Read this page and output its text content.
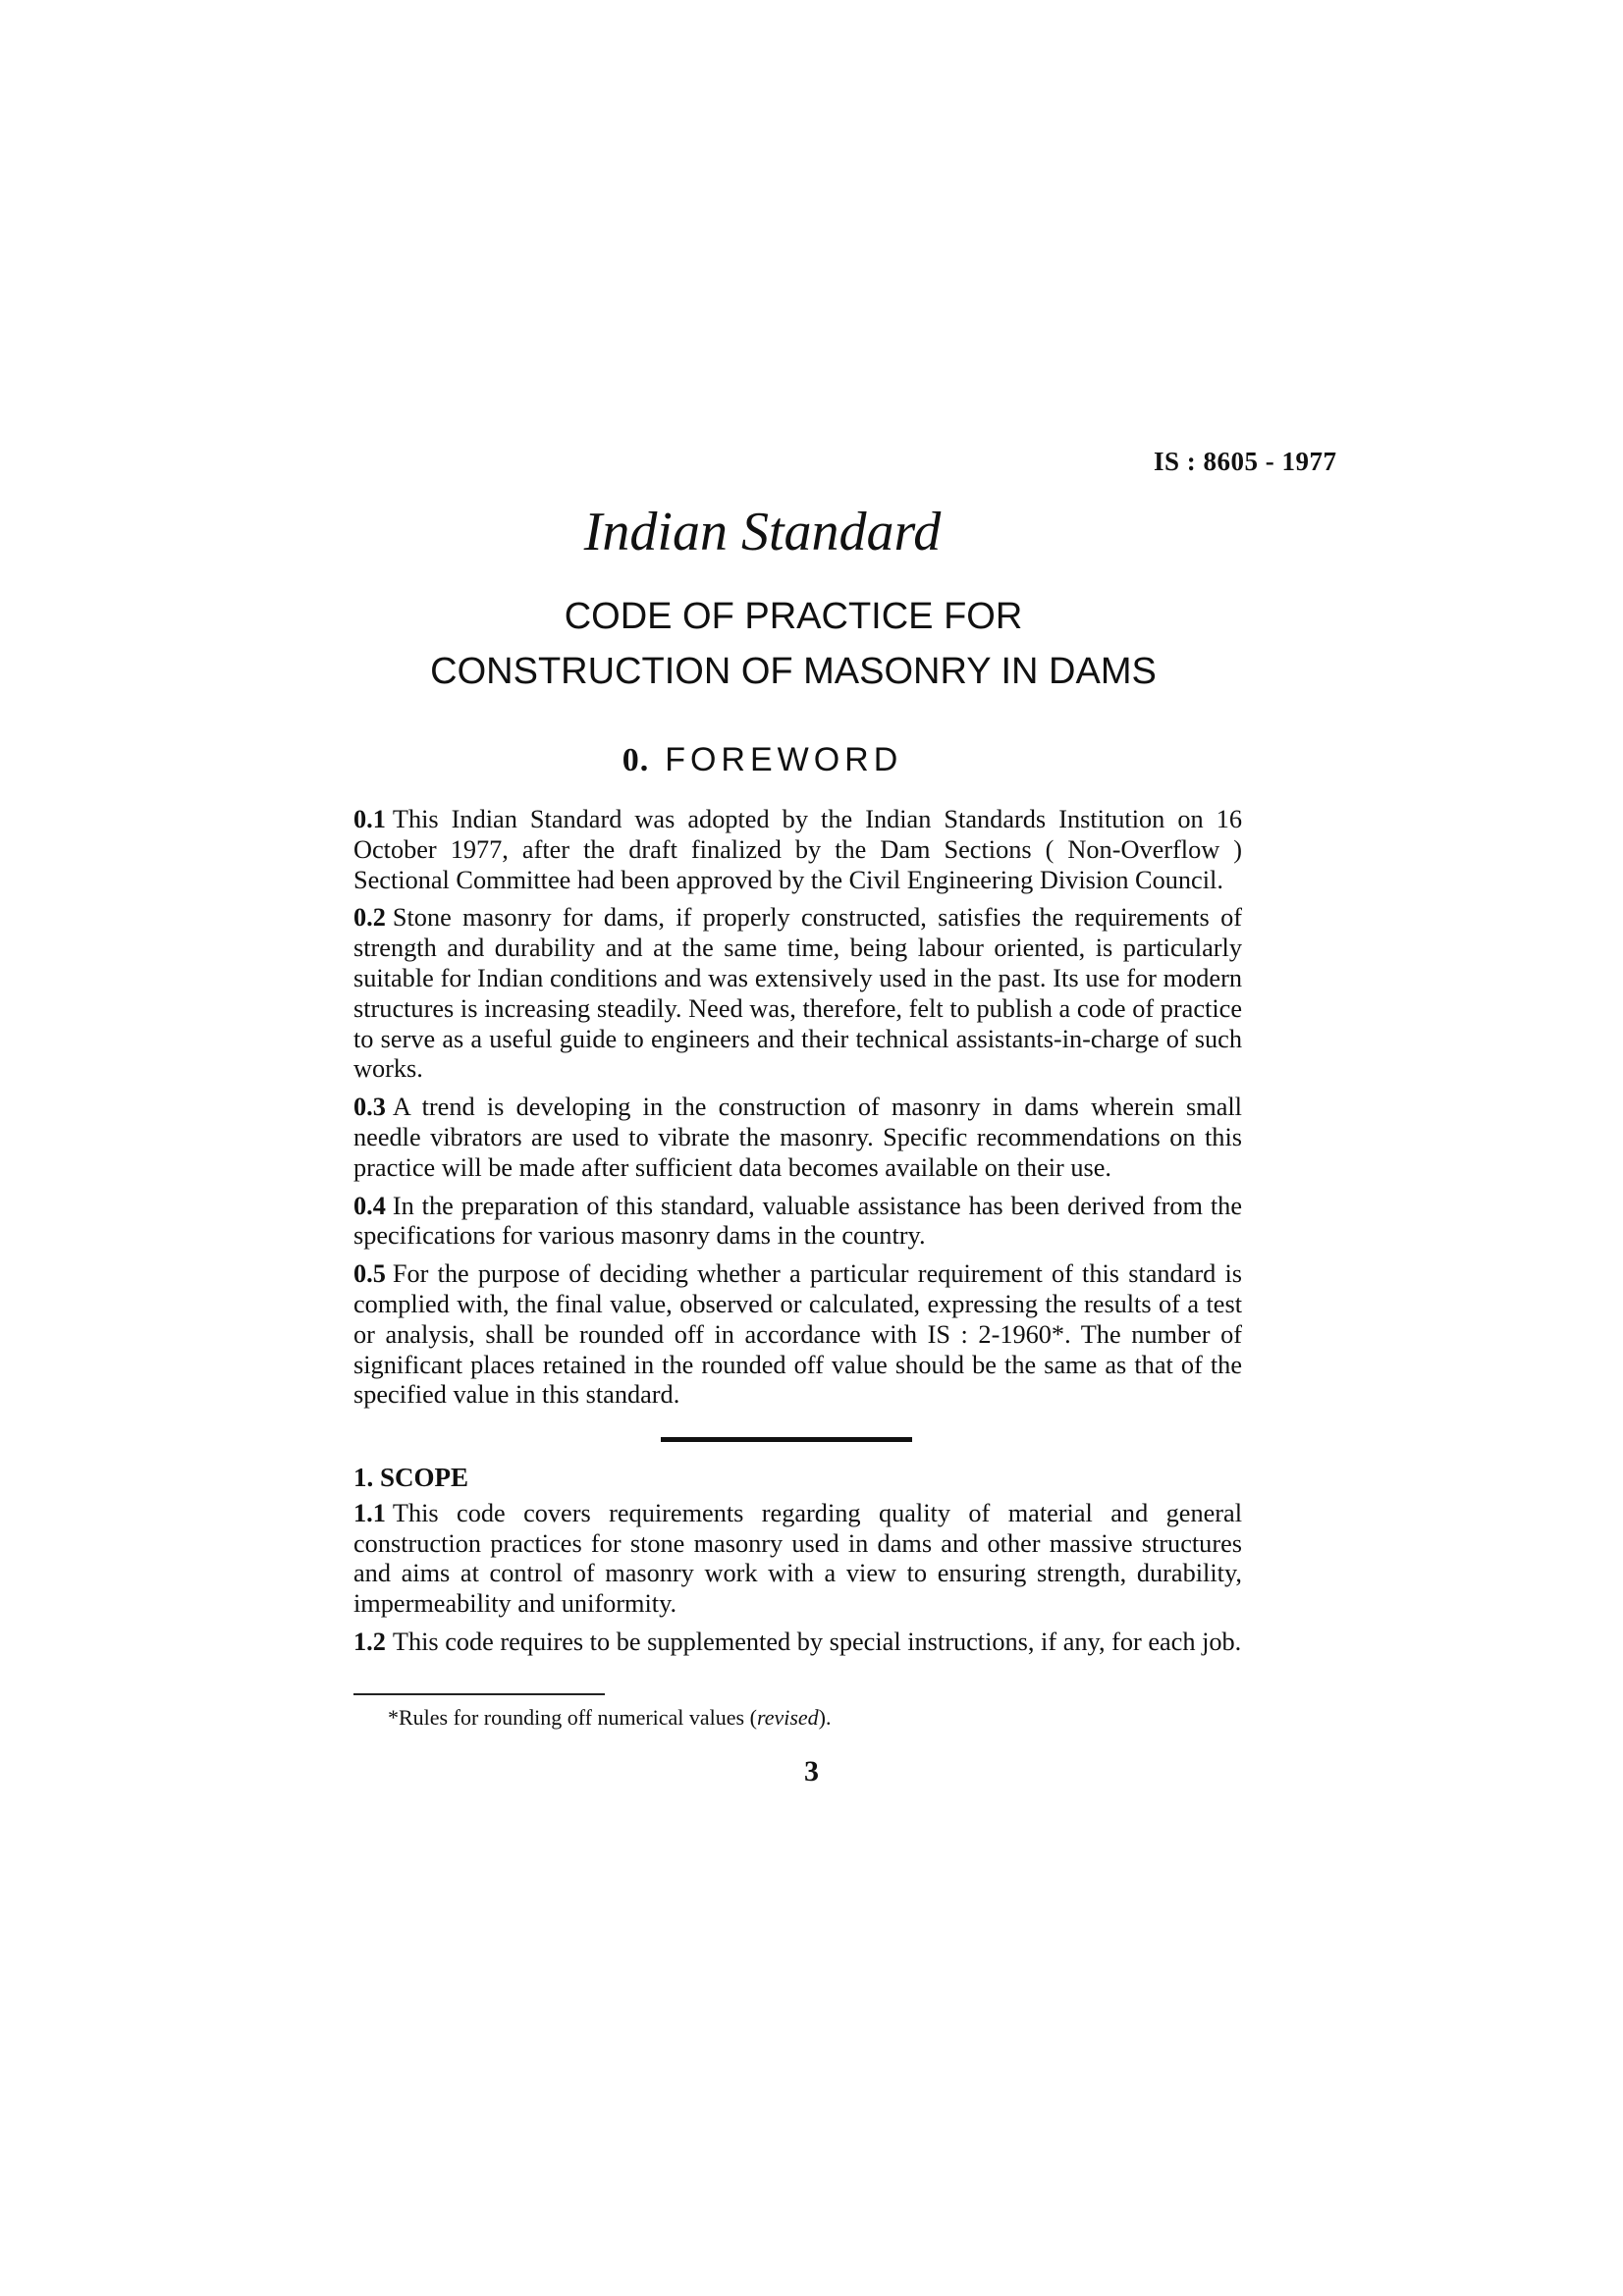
IS : 8605 - 1977
Indian Standard
CODE OF PRACTICE FOR
CONSTRUCTION OF MASONRY IN DAMS
0. FOREWORD

0.1 This Indian Standard was adopted by the Indian Standards Institution on 16 October 1977, after the draft finalized by the Dam Sections ( Non-Overflow ) Sectional Committee had been approved by the Civil Engineering Division Council.

0.2 Stone masonry for dams, if properly constructed, satisfies the requirements of strength and durability and at the same time, being labour oriented, is particularly suitable for Indian conditions and was extensively used in the past. Its use for modern structures is increasing steadily. Need was, therefore, felt to publish a code of practice to serve as a useful guide to engineers and their technical assistants-in-charge of such works.

0.3 A trend is developing in the construction of masonry in dams wherein small needle vibrators are used to vibrate the masonry. Specific recommendations on this practice will be made after sufficient data becomes available on their use.

0.4 In the preparation of this standard, valuable assistance has been derived from the specifications for various masonry dams in the country.

0.5 For the purpose of deciding whether a particular requirement of this standard is complied with, the final value, observed or calculated, expressing the results of a test or analysis, shall be rounded off in accordance with IS : 2-1960*. The number of significant places retained in the rounded off value should be the same as that of the specified value in this standard.

1. SCOPE

1.1 This code covers requirements regarding quality of material and general construction practices for stone masonry used in dams and other massive structures and aims at control of masonry work with a view to ensuring strength, durability, impermeability and uniformity.

1.2 This code requires to be supplemented by special instructions, if any, for each job.

*Rules for rounding off numerical values (revised).
3
